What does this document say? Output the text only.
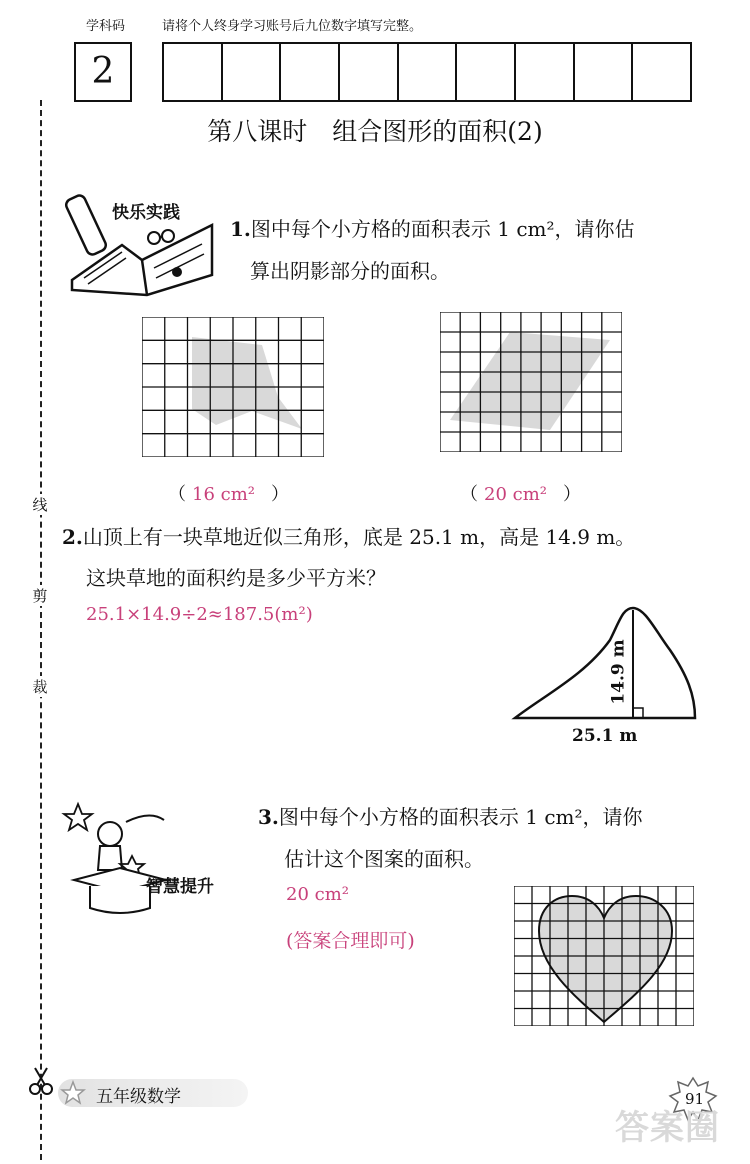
学科码	请将个人终身学习账号后九位数字填写完整。
2
第八课时　组合图形的面积(2)
线
剪
裁
快乐实践
1.图中每个小方格的面积表示 1 cm²，请你估
算出阴影部分的面积。
（ 16 cm² ）	（ 20 cm² ）
2.山顶上有一块草地近似三角形，底是 25.1 m，高是 14.9 m。
这块草地的面积约是多少平方米？
25.1×14.9÷2≈187.5(m²)
14.9 m
25.1 m
智慧提升
3.图中每个小方格的面积表示 1 cm²，请你
估计这个图案的面积。
20 cm²
(答案合理即可)
五年级数学	91
答案圈
